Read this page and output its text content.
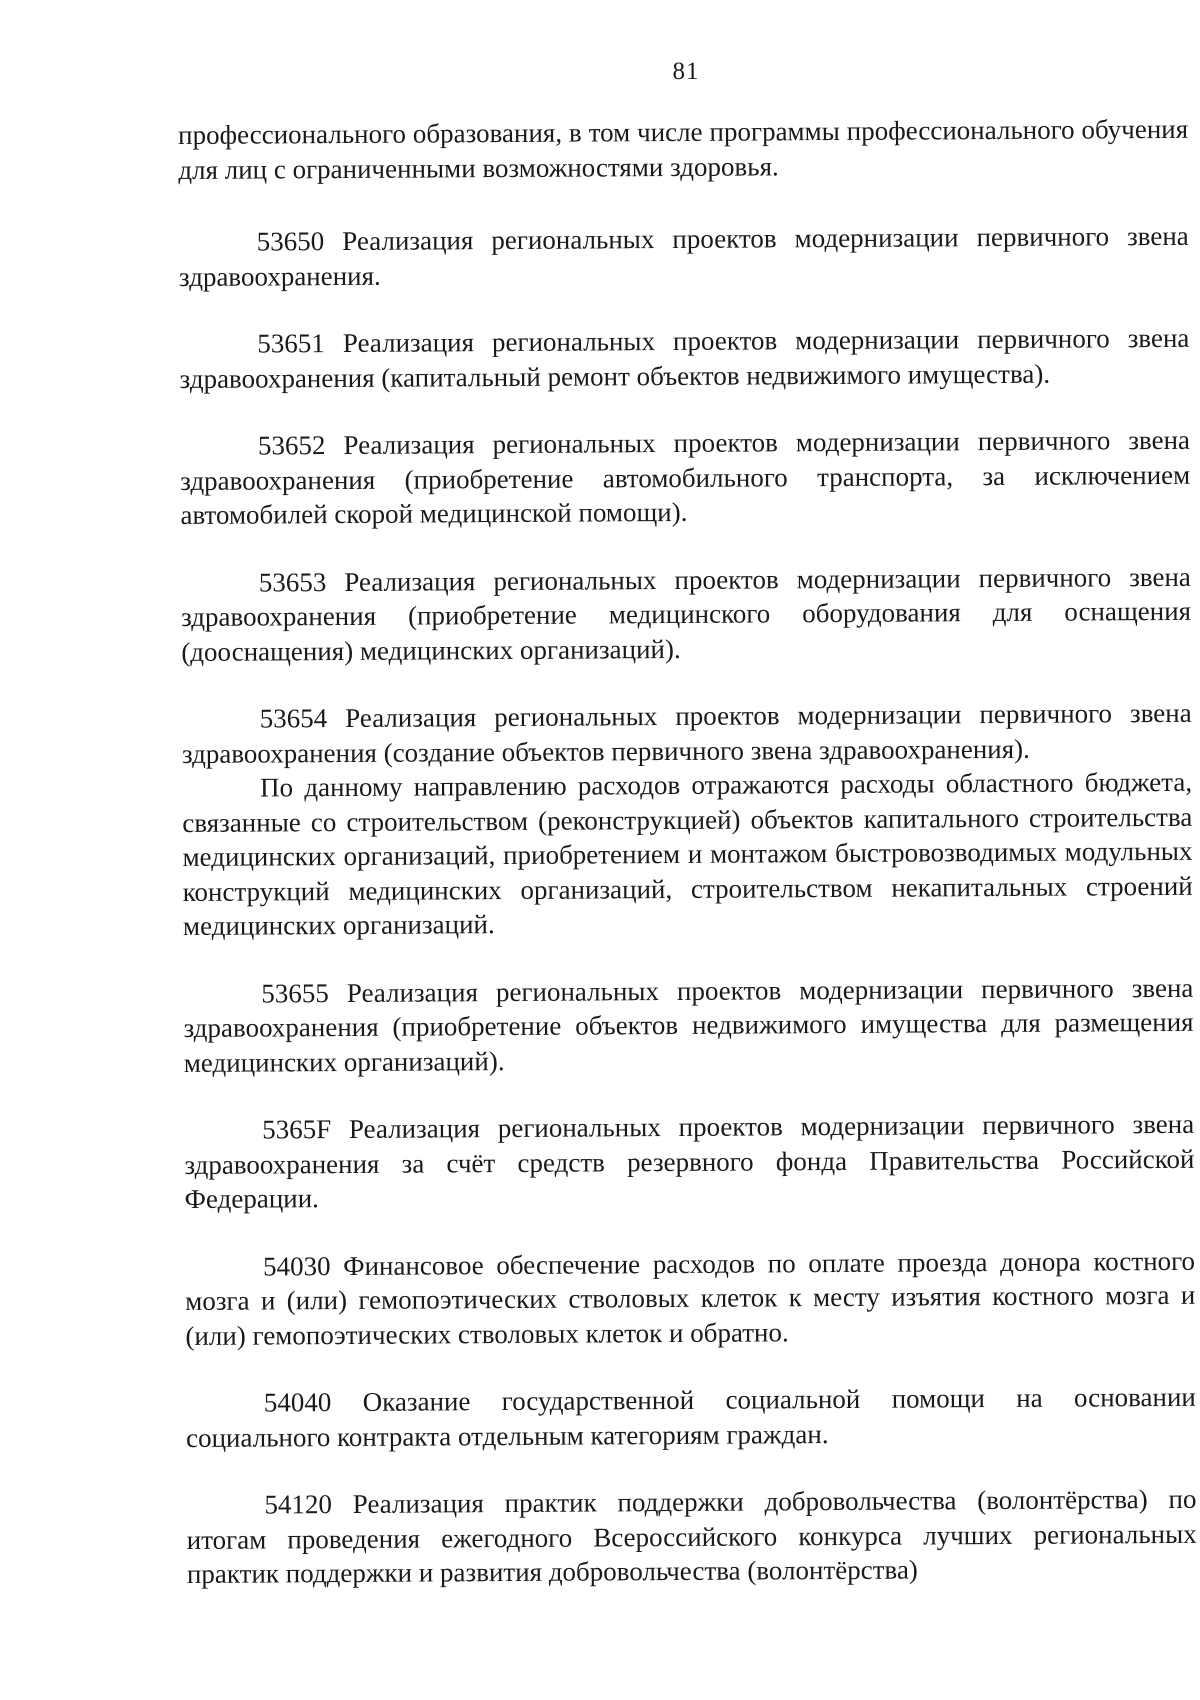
81

профессионального образования, в том числе программы профессионального обучения для лиц с ограниченными возможностями здоровья.

53650 Реализация региональных проектов модернизации первичного звена здравоохранения.

53651 Реализация региональных проектов модернизации первичного звена здравоохранения (капитальный ремонт объектов недвижимого имущества).

53652 Реализация региональных проектов модернизации первичного звена здравоохранения (приобретение автомобильного транспорта, за исключением автомобилей скорой медицинской помощи).

53653 Реализация региональных проектов модернизации первичного звена здравоохранения (приобретение медицинского оборудования для оснащения (дооснащения) медицинских организаций).

53654 Реализация региональных проектов модернизации первичного звена здравоохранения (создание объектов первичного звена здравоохранения).

По данному направлению расходов отражаются расходы областного бюджета, связанные со строительством (реконструкцией) объектов капитального строительства медицинских организаций, приобретением и монтажом быстровозводимых модульных конструкций медицинских организаций, строительством некапитальных строений медицинских организаций.

53655 Реализация региональных проектов модернизации первичного звена здравоохранения (приобретение объектов недвижимого имущества для размещения медицинских организаций).

5365F Реализация региональных проектов модернизации первичного звена здравоохранения за счёт средств резервного фонда Правительства Российской Федерации.

54030 Финансовое обеспечение расходов по оплате проезда донора костного мозга и (или) гемопоэтических стволовых клеток к месту изъятия костного мозга и (или) гемопоэтических стволовых клеток и обратно.

54040 Оказание государственной социальной помощи на основании социального контракта отдельным категориям граждан.

54120 Реализация практик поддержки добровольчества (волонтёрства) по итогам проведения ежегодного Всероссийского конкурса лучших региональных практик поддержки и развития добровольчества (волонтёрства)
